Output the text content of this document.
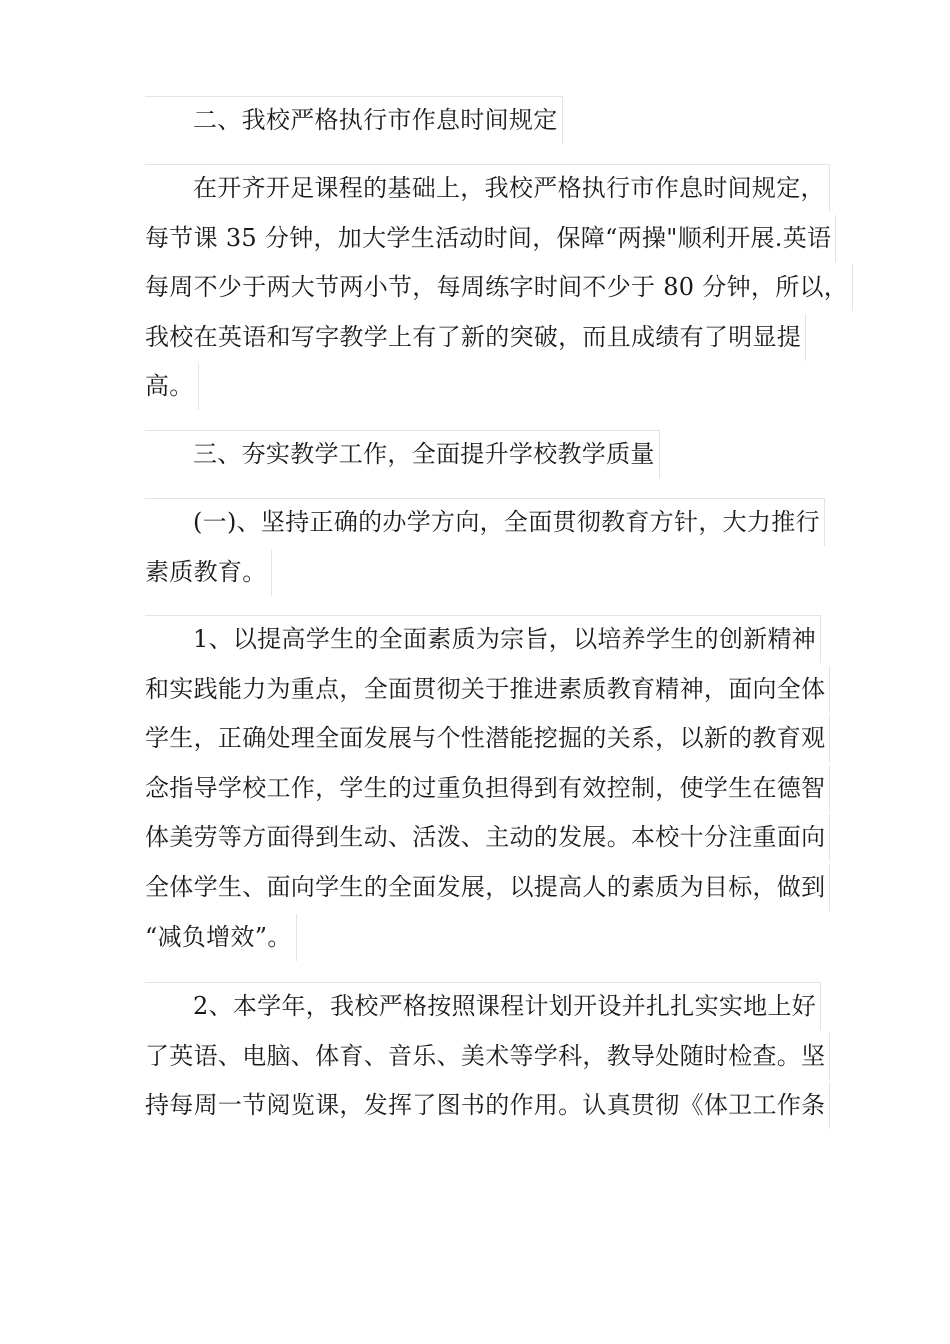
二、我校严格执行市作息时间规定
在开齐开足课程的基础上，我校严格执行市作息时间规定，
每节课 35 分钟，加大学生活动时间，保障“两操"顺利开展.英语
每周不少于两大节两小节，每周练字时间不少于 80 分钟，所以，
我校在英语和写字教学上有了新的突破，而且成绩有了明显提
高。
三、夯实教学工作，全面提升学校教学质量
(一)、坚持正确的办学方向，全面贯彻教育方针，大力推行
素质教育。
1、以提高学生的全面素质为宗旨，以培养学生的创新精神
和实践能力为重点，全面贯彻关于推进素质教育精神，面向全体
学生，正确处理全面发展与个性潜能挖掘的关系，以新的教育观
念指导学校工作，学生的过重负担得到有效控制，使学生在德智
体美劳等方面得到生动、活泼、主动的发展。本校十分注重面向
全体学生、面向学生的全面发展，以提高人的素质为目标，做到
“减负增效”。
2、本学年，我校严格按照课程计划开设并扎扎实实地上好
了英语、电脑、体育、音乐、美术等学科，教导处随时检查。坚
持每周一节阅览课，发挥了图书的作用。认真贯彻《体卫工作条
